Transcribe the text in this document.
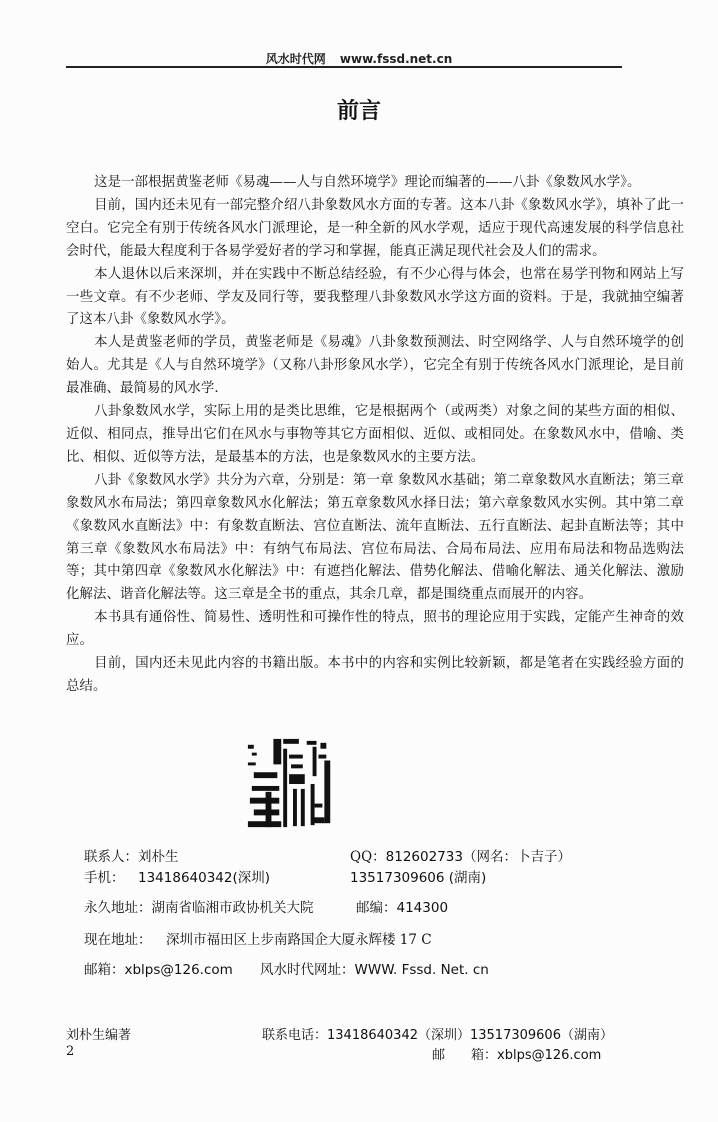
风水时代网 www.fssd.net.cn
前言

这是一部根据黄鉴老师《易魂——人与自然环境学》理论而编著的——八卦《象数风水学》。

目前，国内还未见有一部完整介绍八卦象数风水方面的专著。这本八卦《象数风水学》，填补了此一空白。它完全有别于传统各风水门派理论，是一种全新的风水学观，适应于现代高速发展的科学信息社会时代，能最大程度利于各易学爱好者的学习和掌握，能真正满足现代社会及人们的需求。

本人退休以后来深圳，并在实践中不断总结经验，有不少心得与体会，也常在易学刊物和网站上写一些文章。有不少老师、学友及同行等，要我整理八卦象数风水学这方面的资料。于是，我就抽空编著了这本八卦《象数风水学》。

本人是黄鉴老师的学员，黄鉴老师是《易魂》八卦象数预测法、时空网络学、人与自然环境学的创始人。尤其是《人与自然环境学》（又称八卦形象风水学），它完全有别于传统各风水门派理论，是目前最准确、最简易的风水学.

八卦象数风水学，实际上用的是类比思维，它是根据两个（或两类）对象之间的某些方面的相似、近似、相同点，推导出它们在风水与事物等其它方面相似、近似、或相同处。在象数风水中，借喻、类比、相似、近似等方法，是最基本的方法，也是象数风水的主要方法。

八卦《象数风水学》共分为六章，分别是：第一章 象数风水基础；第二章象数风水直断法；第三章象数风水布局法；第四章象数风水化解法；第五章象数风水择日法；第六章象数风水实例。其中第二章《象数风水直断法》中：有象数直断法、宫位直断法、流年直断法、五行直断法、起卦直断法等；其中第三章《象数风水布局法》中：有纳气布局法、宫位布局法、合局布局法、应用布局法和物品选购法等；其中第四章《象数风水化解法》中：有遮挡化解法、借势化解法、借喻化解法、通关化解法、激励化解法、谐音化解法等。这三章是全书的重点，其余几章，都是围绕重点而展开的内容。

本书具有通俗性、简易性、透明性和可操作性的特点，照书的理论应用于实践，定能产生神奇的效应。

目前，国内还未见此内容的书籍出版。本书中的内容和实例比较新颖，都是笔者在实践经验方面的总结。

联系人：刘朴生	QQ：812602733（网名：卜吉子）
手机： 13418640342(深圳)	13517309606 (湖南)
永久地址：湖南省临湘市政协机关大院	邮编：414300
现在地址： 深圳市福田区上步南路国企大厦永辉楼 17 C
邮箱：xblps@126.com 风水时代网址：WWW. Fssd. Net. cn
刘朴生编著	联系电话：13418640342（深圳）13517309606（湖南）
2	邮 箱：xblps@126.com
